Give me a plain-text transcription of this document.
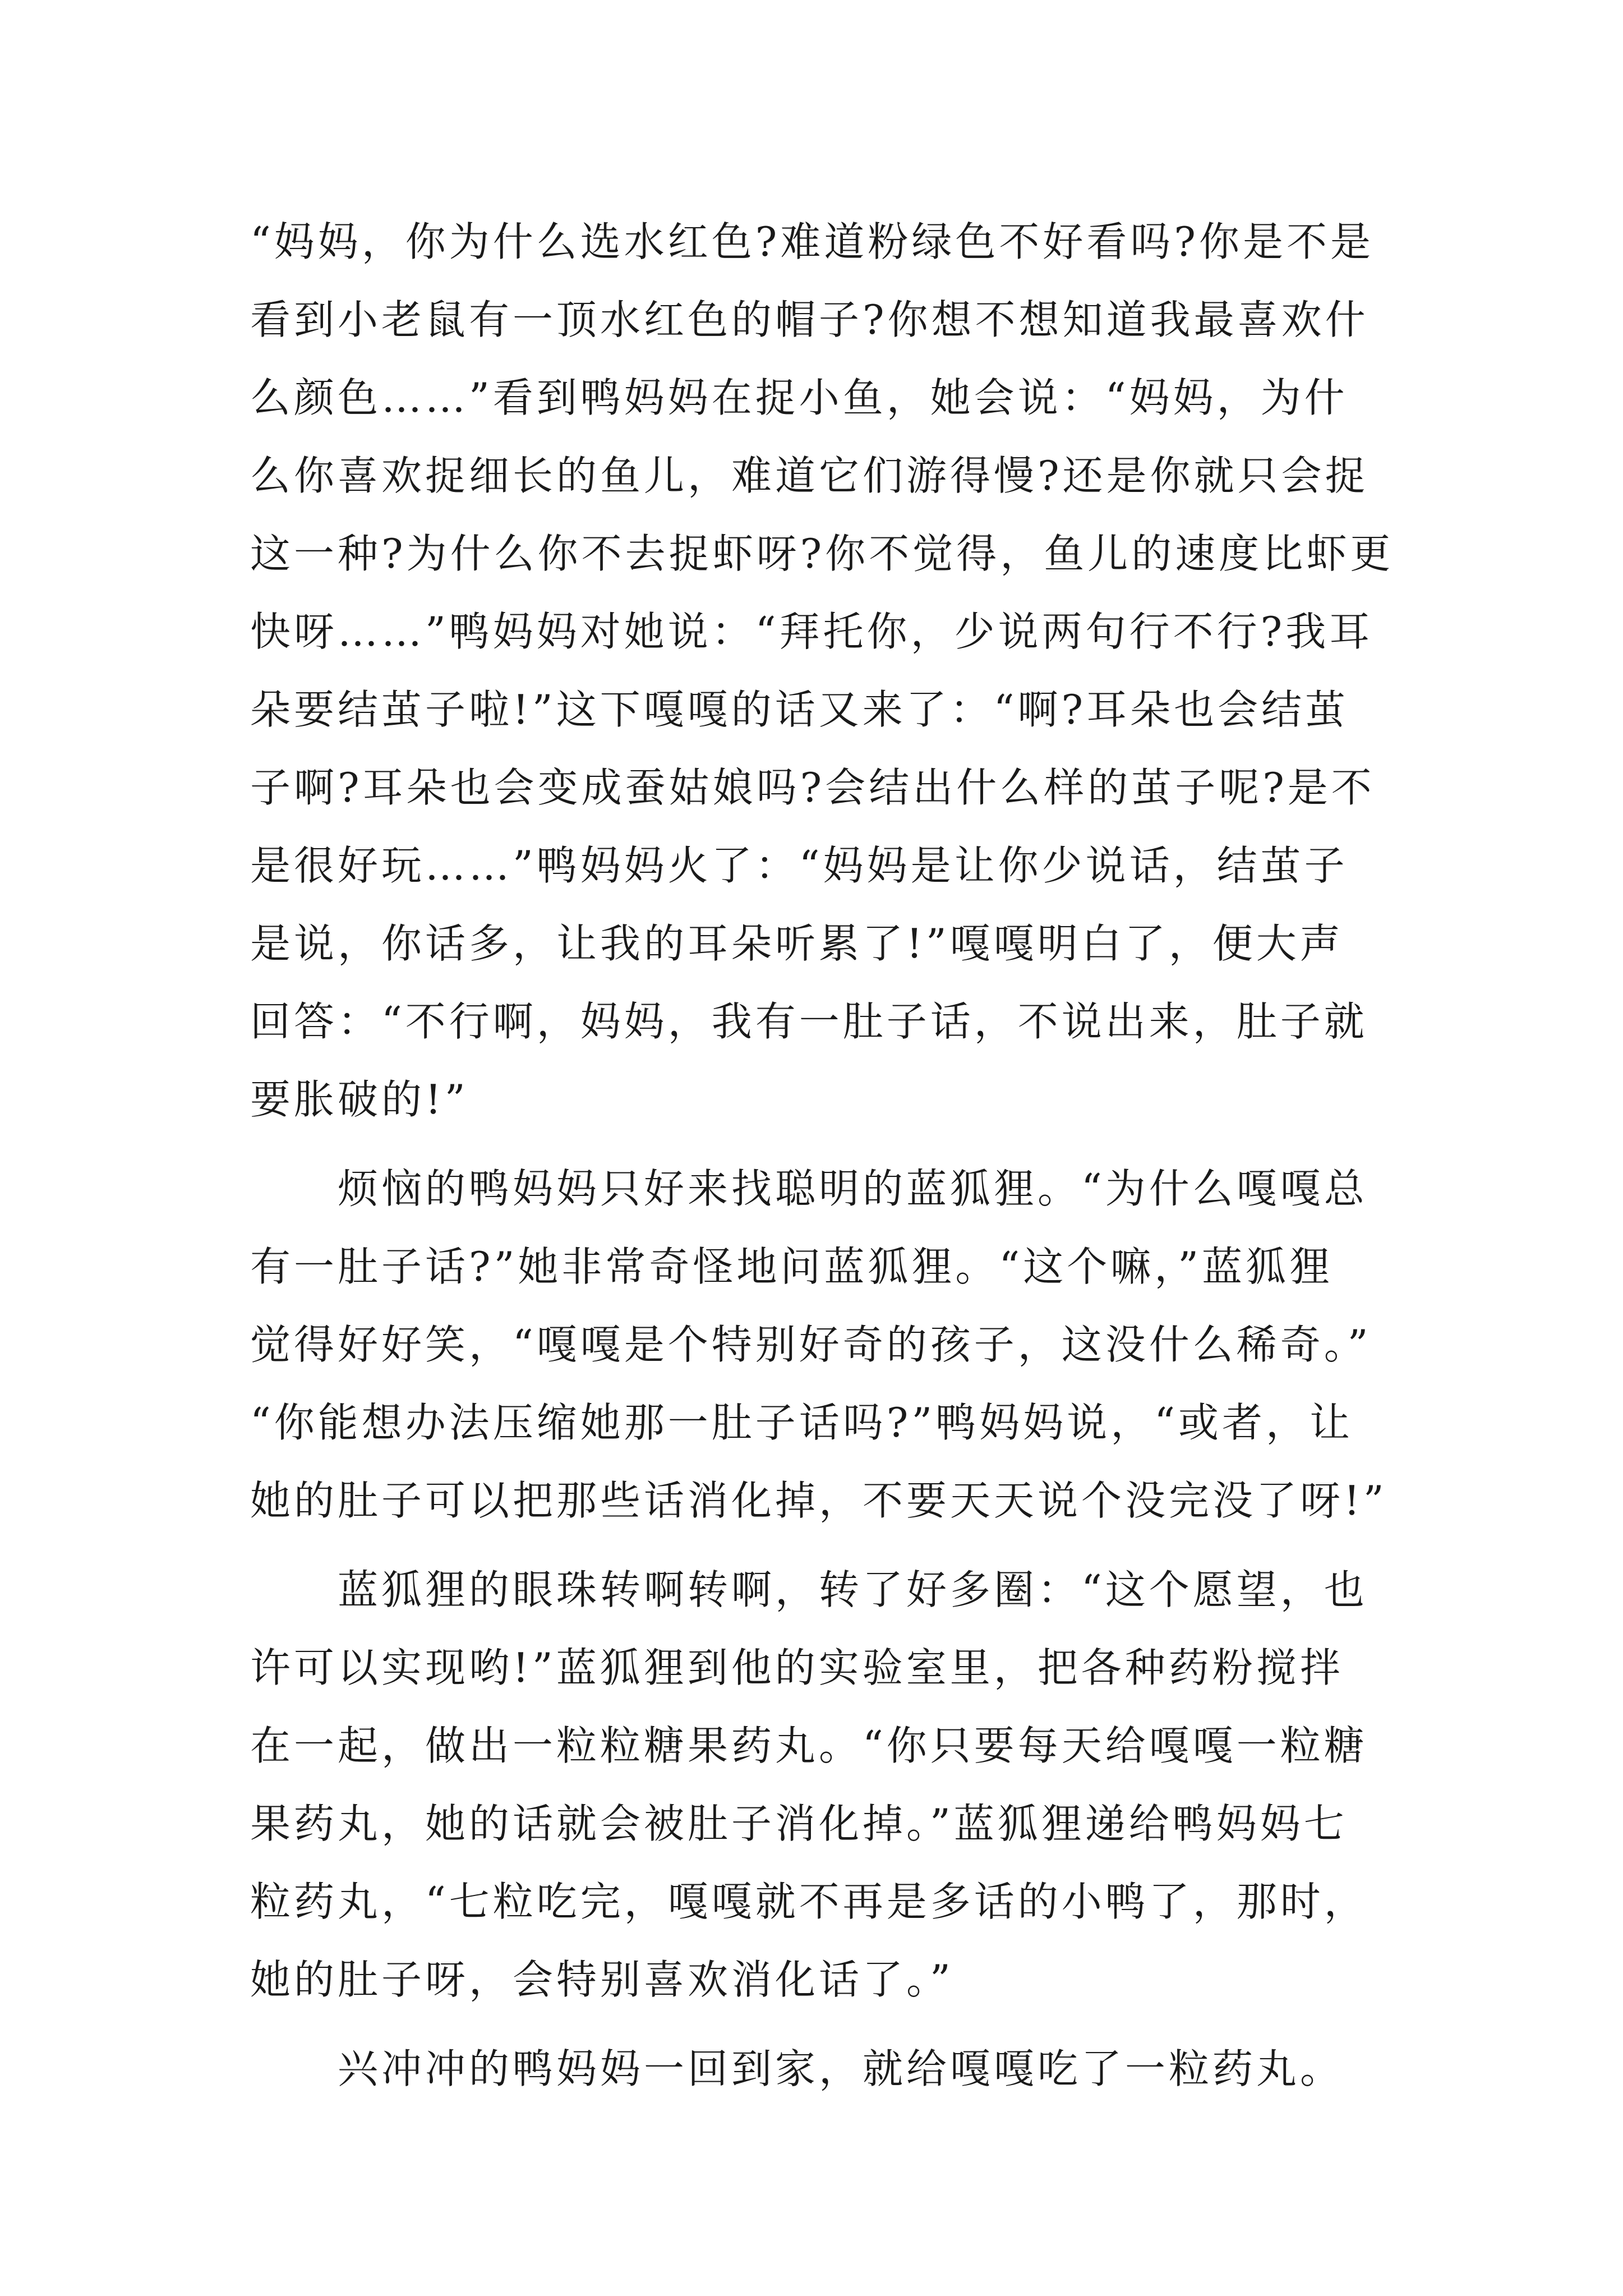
“妈妈，你为什么选水红色?难道粉绿色不好看吗?你是不是
看到小老鼠有一顶水红色的帽子?你想不想知道我最喜欢什
么颜色……”看到鸭妈妈在捉小鱼，她会说：“妈妈，为什
么你喜欢捉细长的鱼儿，难道它们游得慢?还是你就只会捉
这一种?为什么你不去捉虾呀?你不觉得，鱼儿的速度比虾更
快呀……”鸭妈妈对她说：“拜托你，少说两句行不行?我耳
朵要结茧子啦!”这下嘎嘎的话又来了：“啊?耳朵也会结茧
子啊?耳朵也会变成蚕姑娘吗?会结出什么样的茧子呢?是不
是很好玩……”鸭妈妈火了：“妈妈是让你少说话，结茧子
是说，你话多，让我的耳朵听累了!”嘎嘎明白了，便大声
回答：“不行啊，妈妈，我有一肚子话，不说出来，肚子就
要胀破的!”
　　烦恼的鸭妈妈只好来找聪明的蓝狐狸。“为什么嘎嘎总
有一肚子话?”她非常奇怪地问蓝狐狸。“这个嘛，”蓝狐狸
觉得好好笑，“嘎嘎是个特别好奇的孩子，这没什么稀奇。”
“你能想办法压缩她那一肚子话吗?”鸭妈妈说，“或者，让
她的肚子可以把那些话消化掉，不要天天说个没完没了呀!”
　　蓝狐狸的眼珠转啊转啊，转了好多圈：“这个愿望，也
许可以实现哟!”蓝狐狸到他的实验室里，把各种药粉搅拌
在一起，做出一粒粒糖果药丸。“你只要每天给嘎嘎一粒糖
果药丸，她的话就会被肚子消化掉。”蓝狐狸递给鸭妈妈七
粒药丸，“七粒吃完，嘎嘎就不再是多话的小鸭了，那时，
她的肚子呀，会特别喜欢消化话了。”
　　兴冲冲的鸭妈妈一回到家，就给嘎嘎吃了一粒药丸。
